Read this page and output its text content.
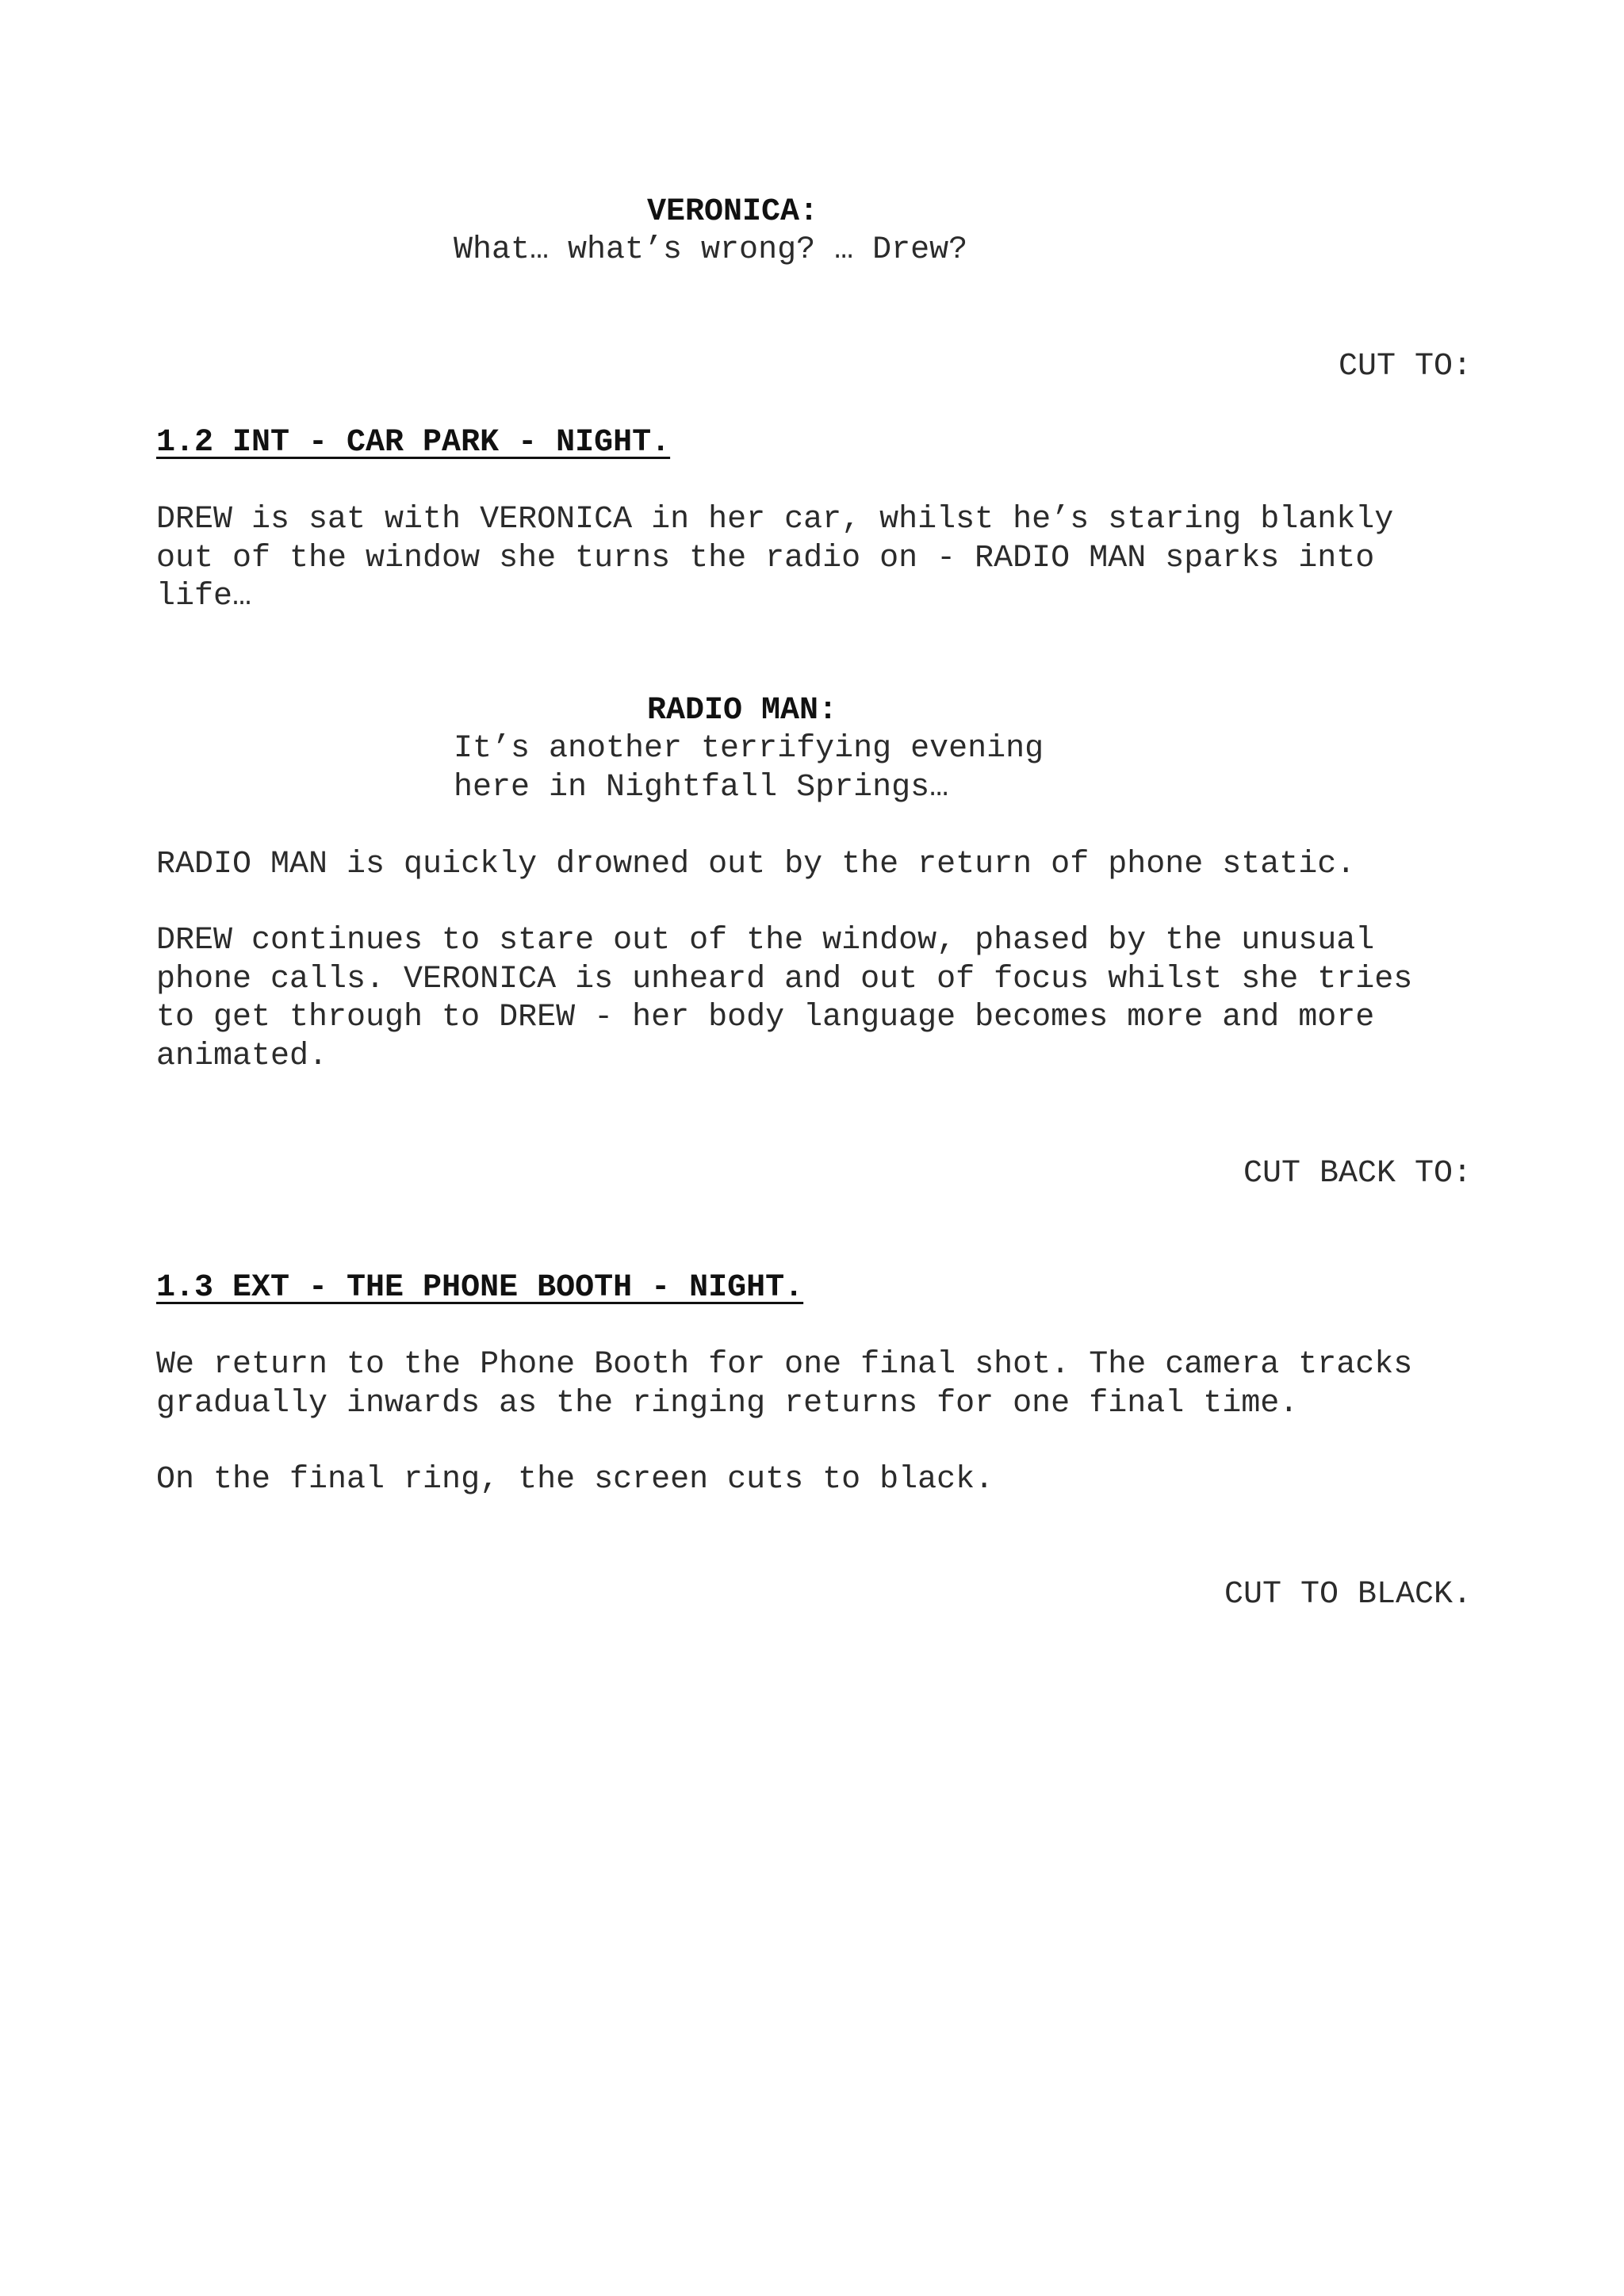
VERONICA:
What… what’s wrong? … Drew?
CUT TO:
1.2 INT - CAR PARK - NIGHT.
DREW is sat with VERONICA in her car, whilst he’s staring blankly
out of the window she turns the radio on - RADIO MAN sparks into
life…
RADIO MAN:
It’s another terrifying evening
here in Nightfall Springs…
RADIO MAN is quickly drowned out by the return of phone static.
DREW continues to stare out of the window, phased by the unusual
phone calls. VERONICA is unheard and out of focus whilst she tries
to get through to DREW - her body language becomes more and more
animated.
CUT BACK TO:
1.3 EXT - THE PHONE BOOTH - NIGHT.
We return to the Phone Booth for one final shot. The camera tracks
gradually inwards as the ringing returns for one final time.
On the final ring, the screen cuts to black.
CUT TO BLACK.
